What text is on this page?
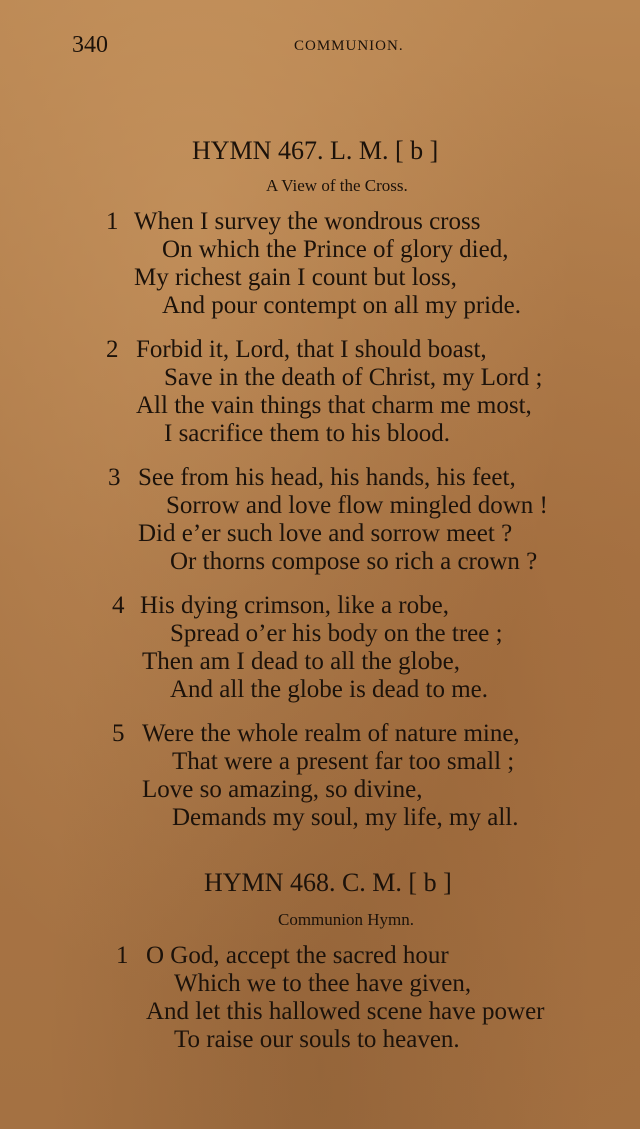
340	COMMUNION.
HYMN 467. L. M. [ b ]
A View of the Cross.
1 When I survey the wondrous cross
On which the Prince of glory died,
My richest gain I count but loss,
And pour contempt on all my pride.
2 Forbid it, Lord, that I should boast,
Save in the death of Christ, my Lord ;
All the vain things that charm me most,
I sacrifice them to his blood.
3 See from his head, his hands, his feet,
Sorrow and love flow mingled down !
Did e’er such love and sorrow meet ?
Or thorns compose so rich a crown ?
4 His dying crimson, like a robe,
Spread o’er his body on the tree ;
Then am I dead to all the globe,
And all the globe is dead to me.
5 Were the whole realm of nature mine,
That were a present far too small ;
Love so amazing, so divine,
Demands my soul, my life, my all.
HYMN 468. C. M. [ b ]
Communion Hymn.
1 O God, accept the sacred hour
Which we to thee have given,
And let this hallowed scene have power
To raise our souls to heaven.
